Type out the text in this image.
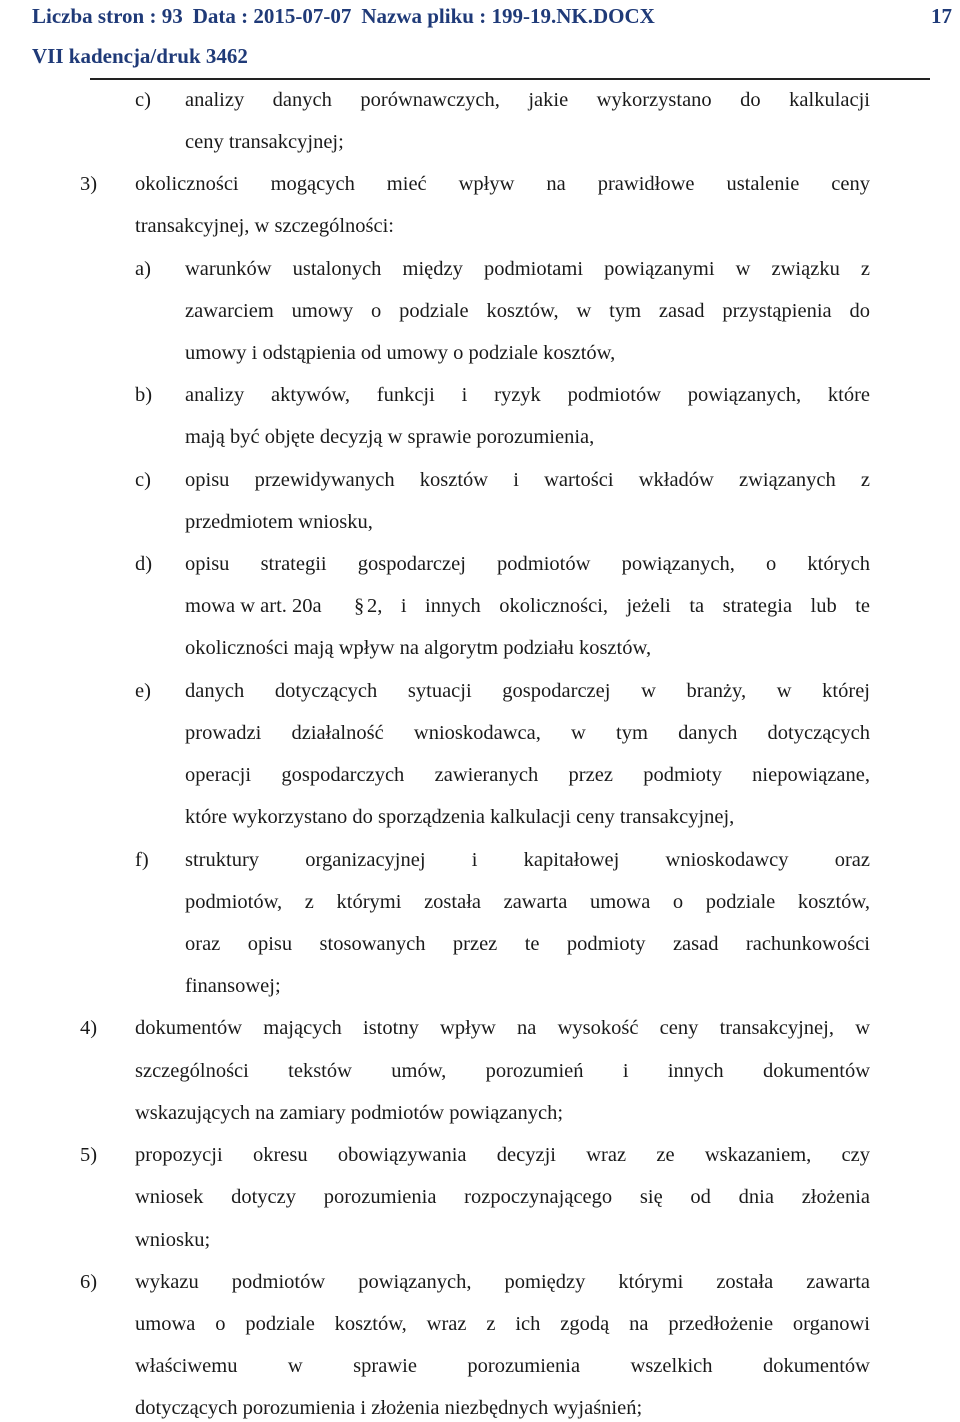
Liczba stron : 93 Data : 2015-07-07 Nazwa pliku : 199-19.NK.DOCX
VII kadencja/druk 3462
17
c) analizy danych porównawczych, jakie wykorzystano do kalkulacji
ceny transakcyjnej;
3) okoliczności mogących mieć wpływ na prawidłowe ustalenie ceny
transakcyjnej, w szczególności:
a) warunków ustalonych między podmiotami powiązanymi w związku z
zawarciem umowy o podziale kosztów, w tym zasad przystąpienia do
umowy i odstąpienia od umowy o podziale kosztów,
b) analizy aktywów, funkcji i ryzyk podmiotów powiązanych, które
mają być objęte decyzją w sprawie porozumienia,
c) opisu przewidywanych kosztów i wartości wkładów związanych z
przedmiotem wniosku,
d) opisu strategii gospodarczej podmiotów powiązanych, o których
mowa w art. 20a § 2, i innych okoliczności, jeżeli ta strategia lub te
okoliczności mają wpływ na algorytm podziału kosztów,
e) danych dotyczących sytuacji gospodarczej w branży, w której
prowadzi działalność wnioskodawca, w tym danych dotyczących
operacji gospodarczych zawieranych przez podmioty niepowiązane,
które wykorzystano do sporządzenia kalkulacji ceny transakcyjnej,
f) struktury organizacyjnej i kapitałowej wnioskodawcy oraz
podmiotów, z którymi została zawarta umowa o podziale kosztów,
oraz opisu stosowanych przez te podmioty zasad rachunkowości
finansowej;
4) dokumentów mających istotny wpływ na wysokość ceny transakcyjnej, w
szczególności tekstów umów, porozumień i innych dokumentów
wskazujących na zamiary podmiotów powiązanych;
5) propozycji okresu obowiązywania decyzji wraz ze wskazaniem, czy
wniosek dotyczy porozumienia rozpoczynającego się od dnia złożenia
wniosku;
6) wykazu podmiotów powiązanych, pomiędzy którymi została zawarta
umowa o podziale kosztów, wraz z ich zgodą na przedłożenie organowi
właściwemu w sprawie porozumienia wszelkich dokumentów
dotyczących porozumienia i złożenia niezbędnych wyjaśnień;
